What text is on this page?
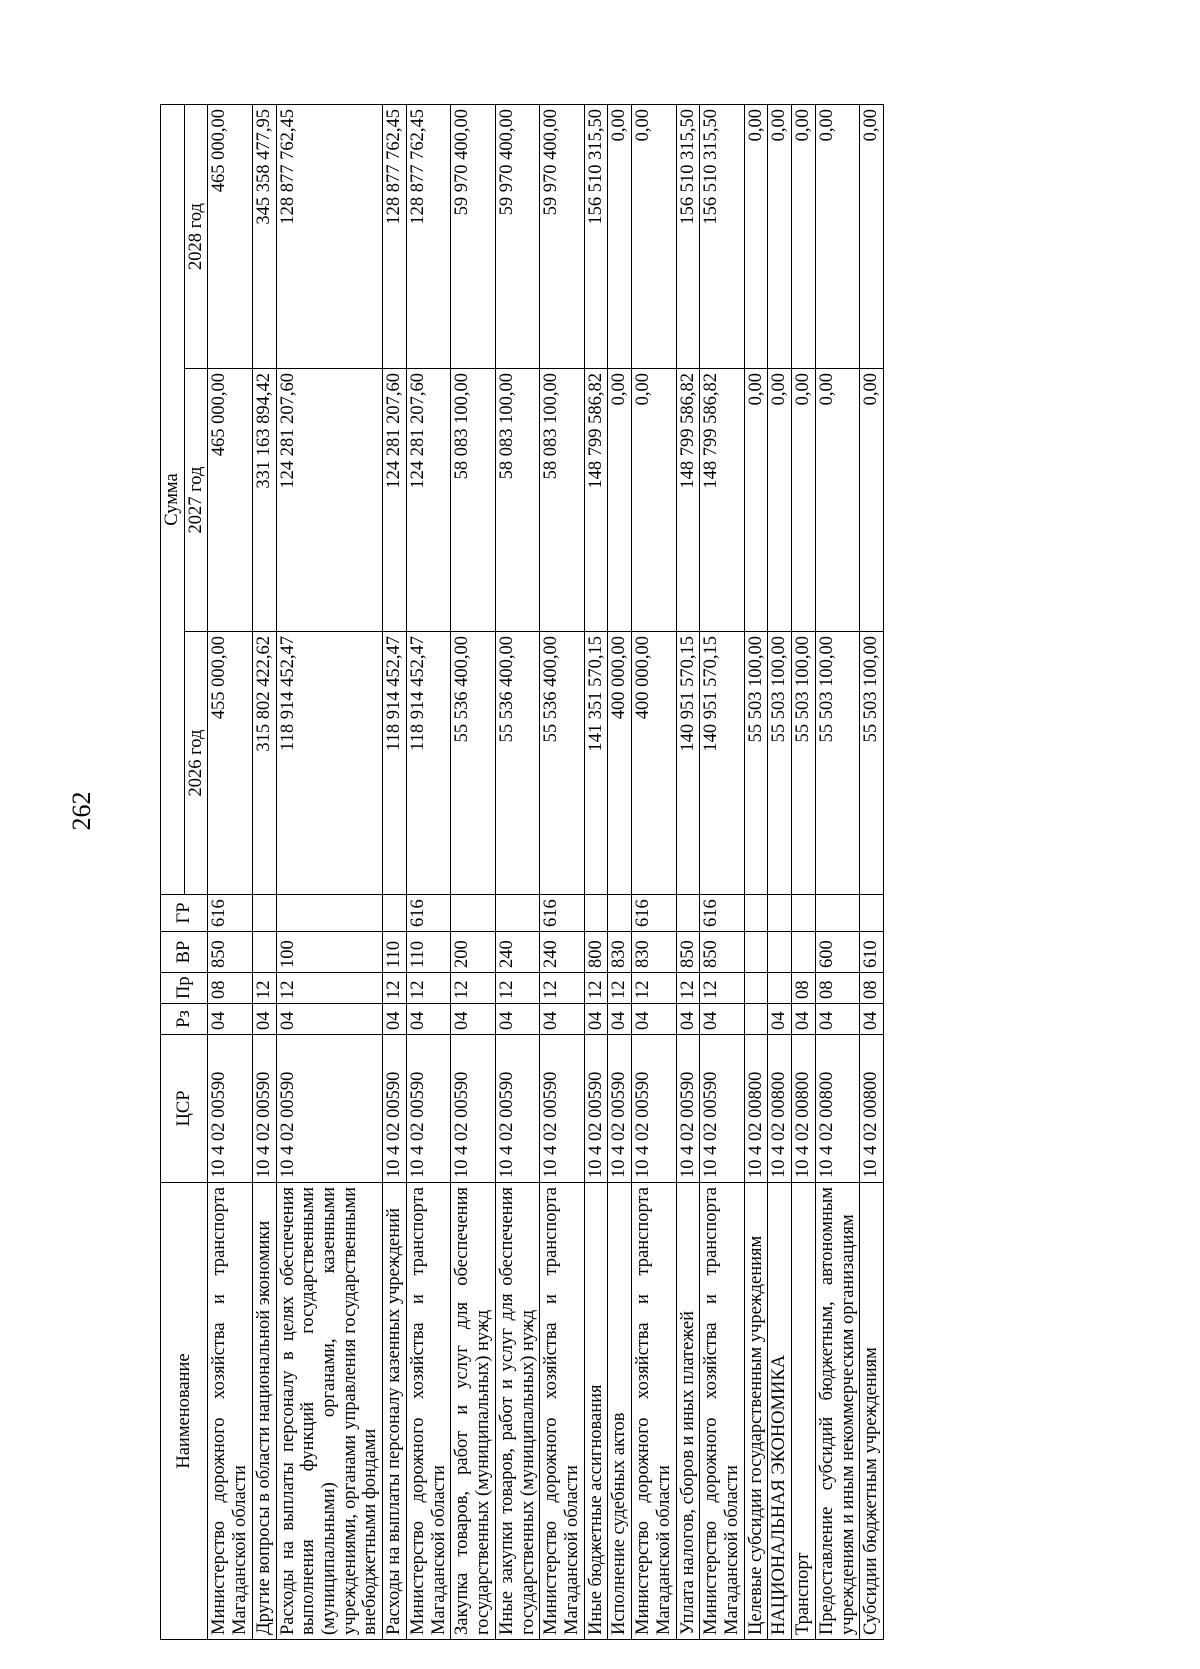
262
Наименование	ЦСР	Рз	Пр	ВР	ГР	Сумма		
						2026 год	2027 год	2028 год
Министерство дорожного хозяйства и транспорта Магаданской области	10 4 02 00590	04	08	850	616	455 000,00	465 000,00	465 000,00
Другие вопросы в области национальной экономики	10 4 02 00590	04	12			315 802 422,62	331 163 894,42	345 358 477,95
Расходы на выплаты персоналу в целях обеспечения выполнения функций государственными (муниципальными) органами, казенными учреждениями, органами управления государственными внебюджетными фондами	10 4 02 00590	04	12	100		118 914 452,47	124 281 207,60	128 877 762,45
Расходы на выплаты персоналу казенных учреждений	10 4 02 00590	04	12	110		118 914 452,47	124 281 207,60	128 877 762,45
Министерство дорожного хозяйства и транспорта Магаданской области	10 4 02 00590	04	12	110	616	118 914 452,47	124 281 207,60	128 877 762,45
Закупка товаров, работ и услуг для обеспечения государственных (муниципальных) нужд	10 4 02 00590	04	12	200		55 536 400,00	58 083 100,00	59 970 400,00
Иные закупки товаров, работ и услуг для обеспечения государственных (муниципальных) нужд	10 4 02 00590	04	12	240		55 536 400,00	58 083 100,00	59 970 400,00
Министерство дорожного хозяйства и транспорта Магаданской области	10 4 02 00590	04	12	240	616	55 536 400,00	58 083 100,00	59 970 400,00
Иные бюджетные ассигнования	10 4 02 00590	04	12	800		141 351 570,15	148 799 586,82	156 510 315,50
Исполнение судебных актов	10 4 02 00590	04	12	830		400 000,00	0,00	0,00
Министерство дорожного хозяйства и транспорта Магаданской области	10 4 02 00590	04	12	830	616	400 000,00	0,00	0,00
Уплата налогов, сборов и иных платежей	10 4 02 00590	04	12	850		140 951 570,15	148 799 586,82	156 510 315,50
Министерство дорожного хозяйства и транспорта Магаданской области	10 4 02 00590	04	12	850	616	140 951 570,15	148 799 586,82	156 510 315,50
Целевые субсидии государственным учреждениям	10 4 02 00800					55 503 100,00	0,00	0,00
НАЦИОНАЛЬНАЯ ЭКОНОМИКА	10 4 02 00800	04				55 503 100,00	0,00	0,00
Транспорт	10 4 02 00800	04	08			55 503 100,00	0,00	0,00
Предоставление субсидий бюджетным, автономным учреждениям и иным некоммерческим организациям	10 4 02 00800	04	08	600		55 503 100,00	0,00	0,00
Субсидии бюджетным учреждениям	10 4 02 00800	04	08	610		55 503 100,00	0,00	0,00
